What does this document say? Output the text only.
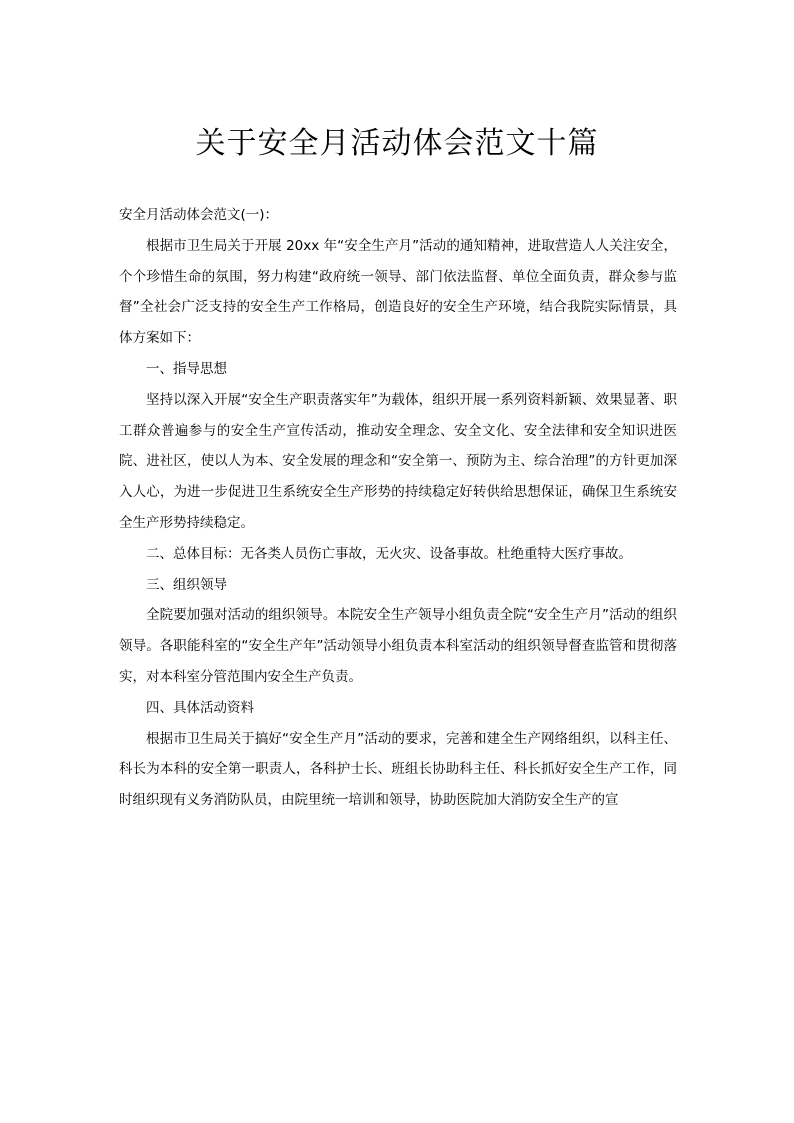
关于安全月活动体会范文十篇

安全月活动体会范文(一)：

根据市卫生局关于开展 20xx 年“安全生产月”活动的通知精神，进取营造人人关注安全，个个珍惜生命的氛围，努力构建“政府统一领导、部门依法监督、单位全面负责，群众参与监督”全社会广泛支持的安全生产工作格局，创造良好的安全生产环境，结合我院实际情景，具体方案如下：

一、指导思想

坚持以深入开展“安全生产职责落实年”为载体，组织开展一系列资料新颖、效果显著、职工群众普遍参与的安全生产宣传活动，推动安全理念、安全文化、安全法律和安全知识进医院、进社区，使以人为本、安全发展的理念和“安全第一、预防为主、综合治理”的方针更加深入人心，为进一步促进卫生系统安全生产形势的持续稳定好转供给思想保证，确保卫生系统安全生产形势持续稳定。

二、总体目标：无各类人员伤亡事故，无火灾、设备事故。杜绝重特大医疗事故。

三、组织领导

全院要加强对活动的组织领导。本院安全生产领导小组负责全院“安全生产月”活动的组织领导。各职能科室的“安全生产年”活动领导小组负责本科室活动的组织领导督查监管和贯彻落实，对本科室分管范围内安全生产负责。

四、具体活动资料

根据市卫生局关于搞好“安全生产月”活动的要求，完善和建全生产网络组织，以科主任、科长为本科的安全第一职责人，各科护士长、班组长协助科主任、科长抓好安全生产工作，同时组织现有义务消防队员，由院里统一培训和领导，协助医院加大消防安全生产的宣
